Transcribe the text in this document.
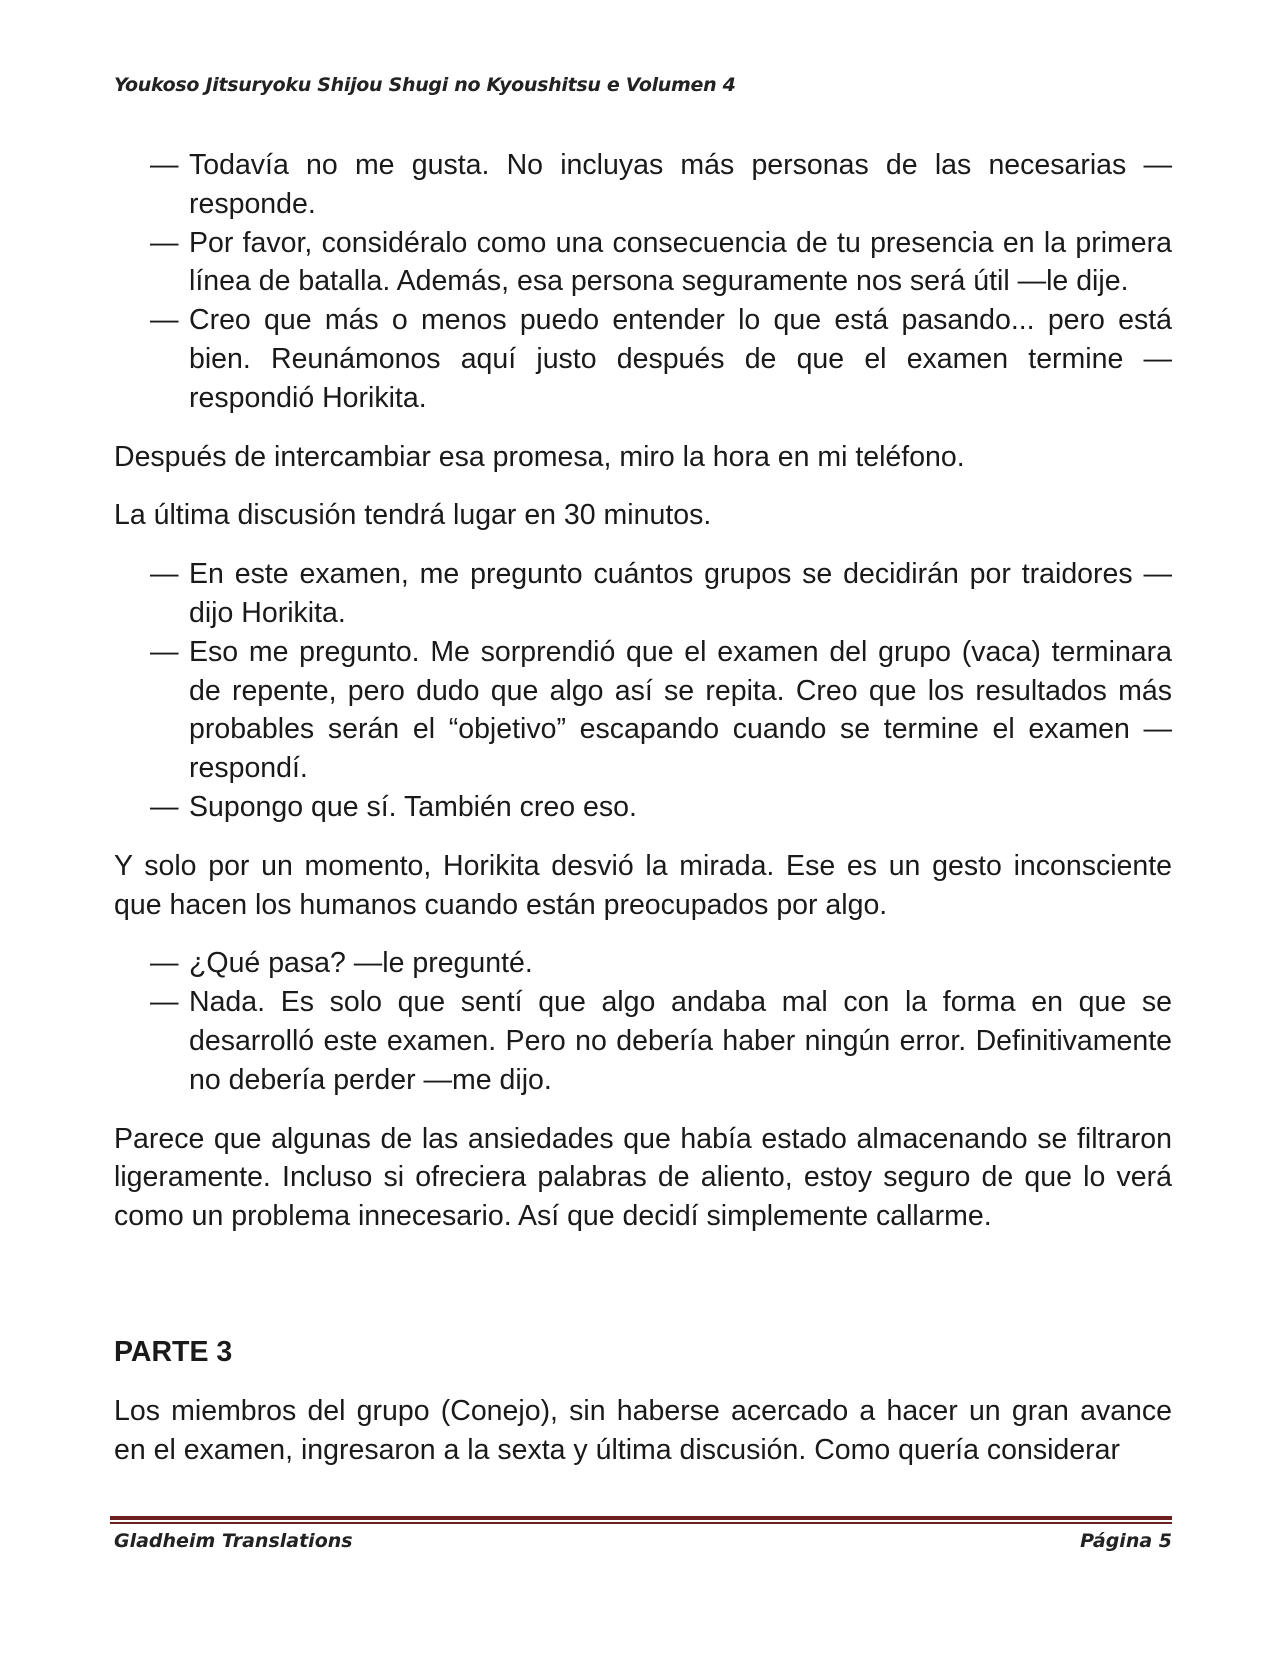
Youkoso Jitsuryoku Shijou Shugi no Kyoushitsu e Volumen 4
— Todavía no me gusta. No incluyas más personas de las necesarias —responde.
— Por favor, considéralo como una consecuencia de tu presencia en la primera línea de batalla. Además, esa persona seguramente nos será útil —le dije.
— Creo que más o menos puedo entender lo que está pasando... pero está bien. Reunámonos aquí justo después de que el examen termine —respondió Horikita.

Después de intercambiar esa promesa, miro la hora en mi teléfono.

La última discusión tendrá lugar en 30 minutos.

— En este examen, me pregunto cuántos grupos se decidirán por traidores —dijo Horikita.
— Eso me pregunto. Me sorprendió que el examen del grupo (vaca) terminara de repente, pero dudo que algo así se repita. Creo que los resultados más probables serán el “objetivo” escapando cuando se termine el examen —respondí.
— Supongo que sí. También creo eso.

Y solo por un momento, Horikita desvió la mirada. Ese es un gesto inconsciente que hacen los humanos cuando están preocupados por algo.

— ¿Qué pasa? —le pregunté.
— Nada. Es solo que sentí que algo andaba mal con la forma en que se desarrolló este examen. Pero no debería haber ningún error. Definitivamente no debería perder —me dijo.

Parece que algunas de las ansiedades que había estado almacenando se filtraron ligeramente. Incluso si ofreciera palabras de aliento, estoy seguro de que lo verá como un problema innecesario. Así que decidí simplemente callarme.

PARTE 3

Los miembros del grupo (Conejo), sin haberse acercado a hacer un gran avance en el examen, ingresaron a la sexta y última discusión. Como quería considerar

Gladheim Translations	Página 5
